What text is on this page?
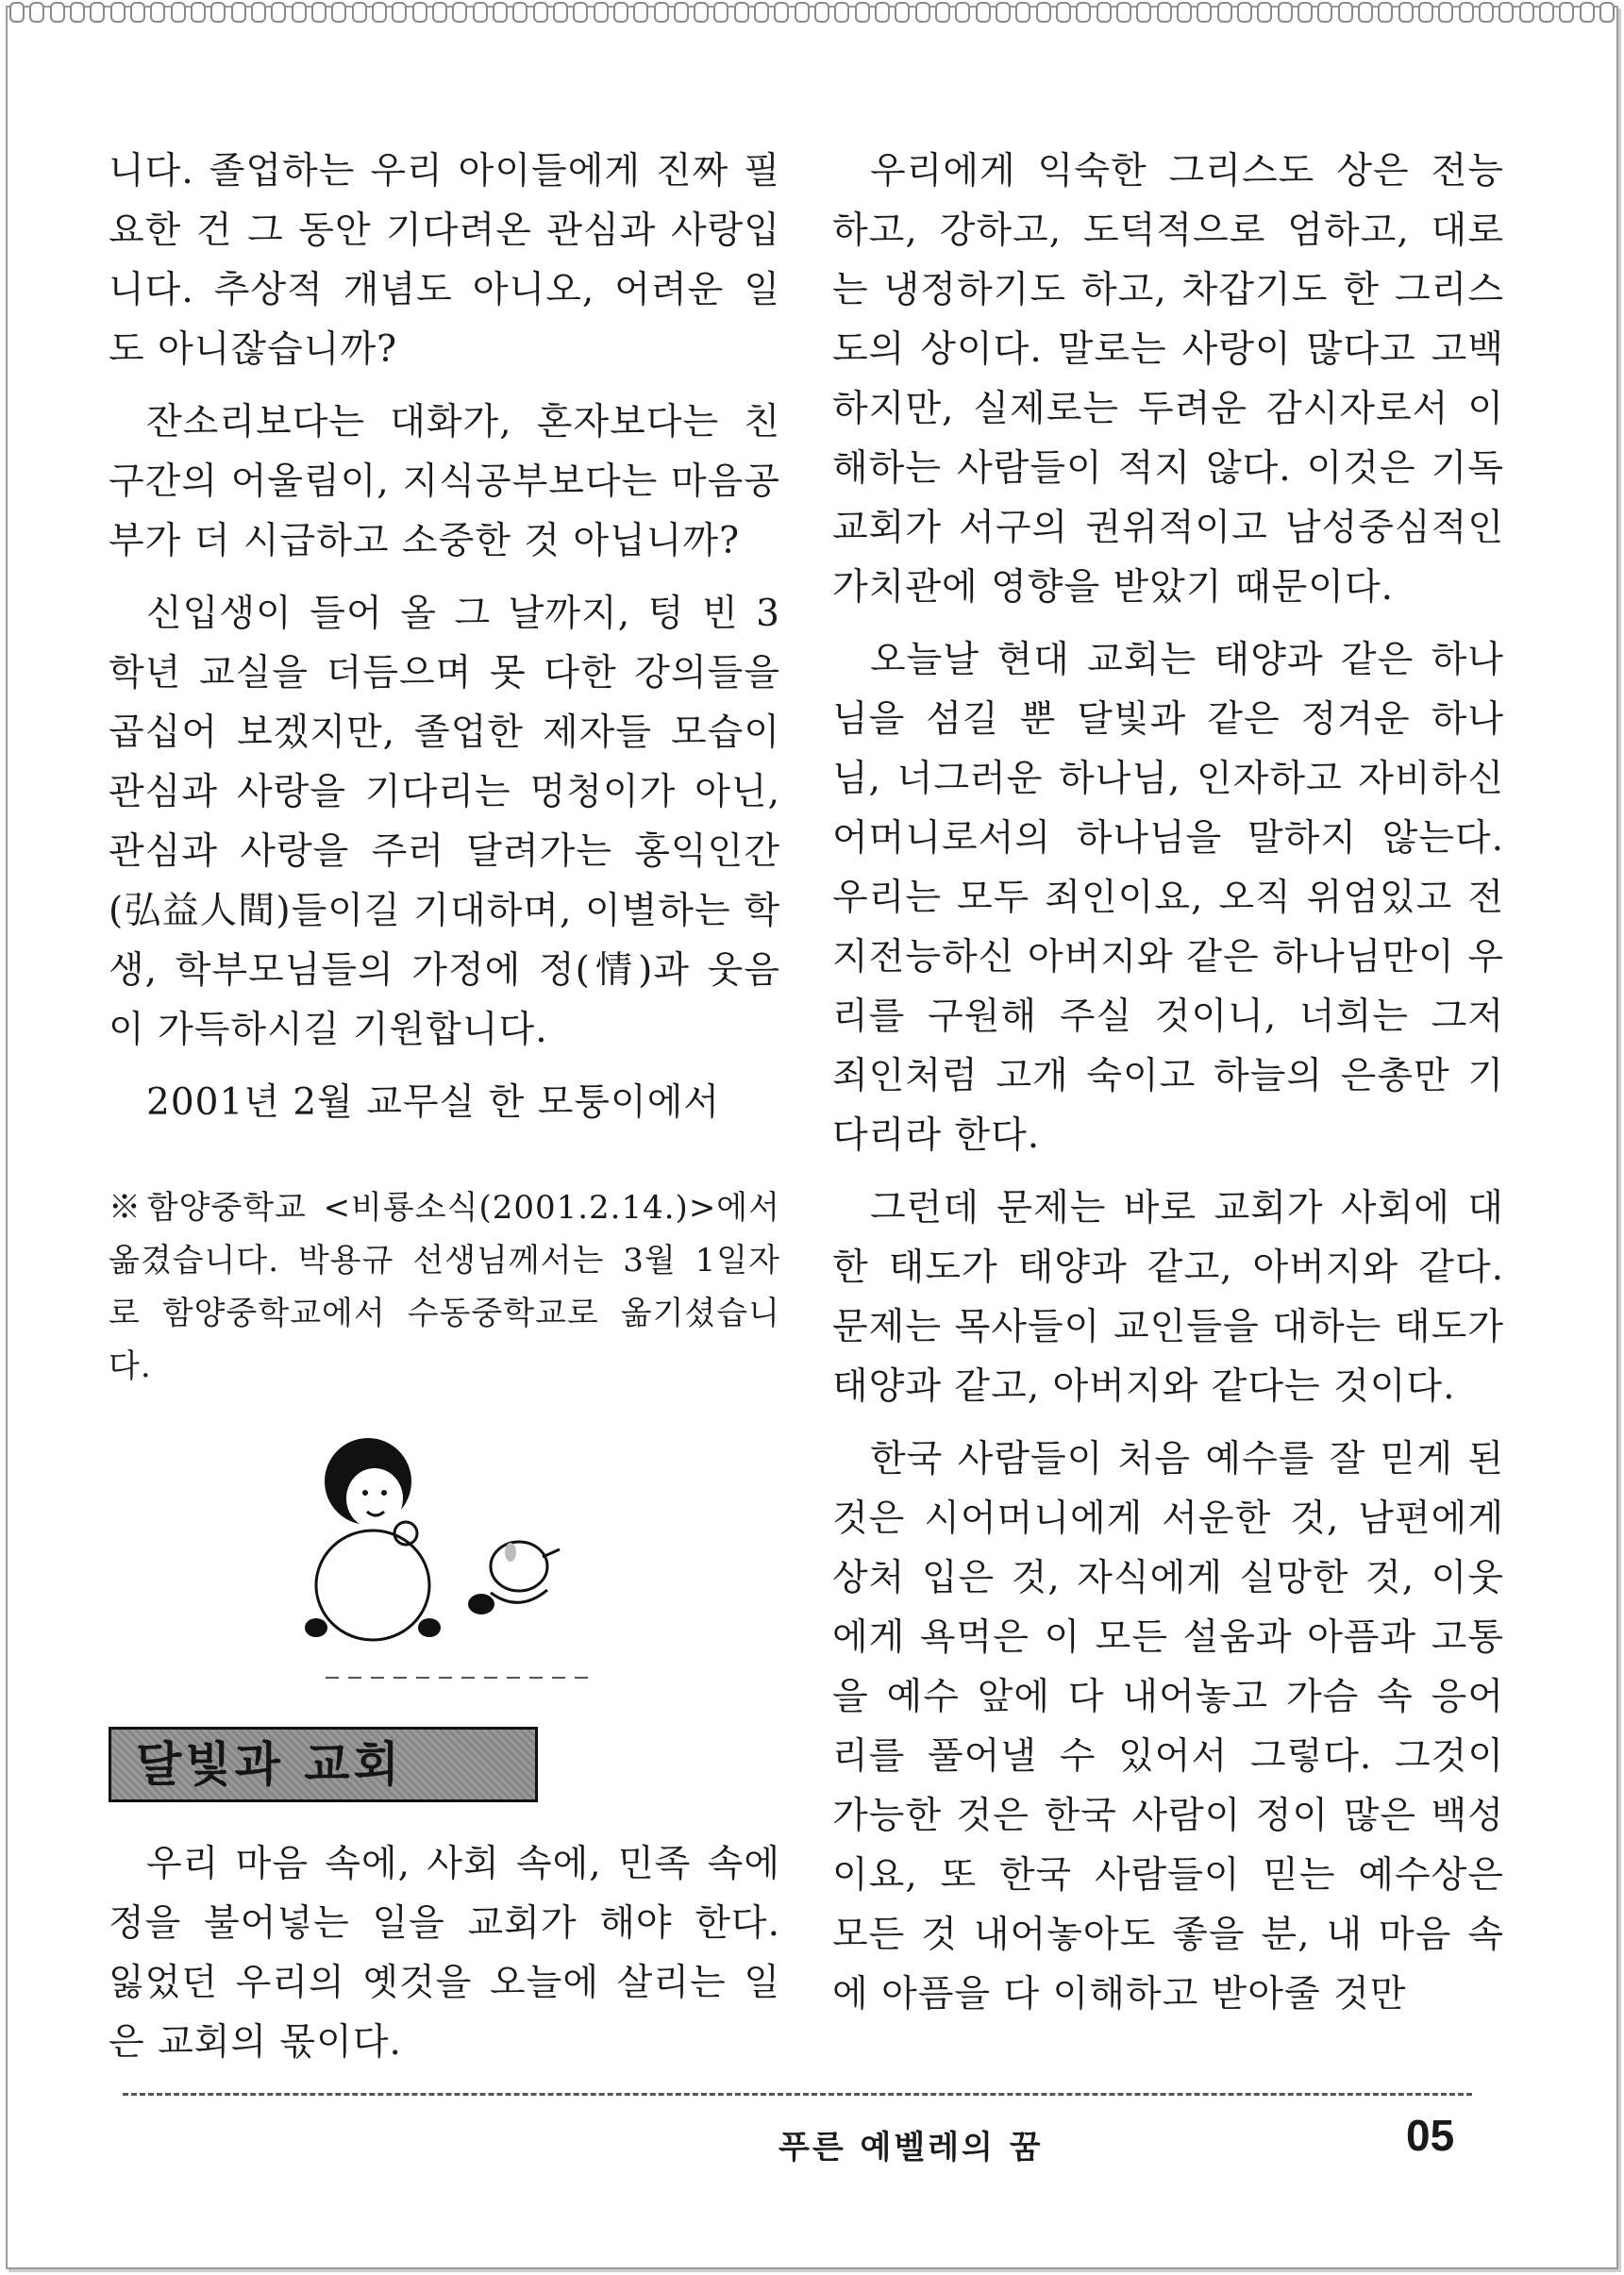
니다. 졸업하는 우리 아이들에게 진짜 필요한 건 그 동안 기다려온 관심과 사랑입니다. 추상적 개념도 아니오, 어려운 일도 아니잖습니까?

잔소리보다는 대화가, 혼자보다는 친구간의 어울림이, 지식공부보다는 마음공부가 더 시급하고 소중한 것 아닙니까?

신입생이 들어 올 그 날까지, 텅 빈 3학년 교실을 더듬으며 못 다한 강의들을 곱십어 보겠지만, 졸업한 제자들 모습이 관심과 사랑을 기다리는 멍청이가 아닌, 관심과 사랑을 주러 달려가는 홍익인간(弘益人間)들이길 기대하며, 이별하는 학생, 학부모님들의 가정에 정(情)과 웃음이 가득하시길 기원합니다.

2001년 2월 교무실 한 모퉁이에서

※함양중학교 <비룡소식(2001.2.14.)>에서 옮겼습니다. 박용규 선생님께서는 3월 1일자로 함양중학교에서 수동중학교로 옮기셨습니다.

달빛과 교회

우리 마음 속에, 사회 속에, 민족 속에 정을 불어넣는 일을 교회가 해야 한다. 잃었던 우리의 옛것을 오늘에 살리는 일은 교회의 몫이다.

우리에게 익숙한 그리스도 상은 전능하고, 강하고, 도덕적으로 엄하고, 대로는 냉정하기도 하고, 차갑기도 한 그리스도의 상이다. 말로는 사랑이 많다고 고백하지만, 실제로는 두려운 감시자로서 이해하는 사람들이 적지 않다. 이것은 기독교회가 서구의 권위적이고 남성중심적인 가치관에 영향을 받았기 때문이다.

오늘날 현대 교회는 태양과 같은 하나님을 섬길 뿐 달빛과 같은 정겨운 하나님, 너그러운 하나님, 인자하고 자비하신 어머니로서의 하나님을 말하지 않는다. 우리는 모두 죄인이요, 오직 위엄있고 전지전능하신 아버지와 같은 하나님만이 우리를 구원해 주실 것이니, 너희는 그저 죄인처럼 고개 숙이고 하늘의 은총만 기다리라 한다.

그런데 문제는 바로 교회가 사회에 대한 태도가 태양과 같고, 아버지와 같다. 문제는 목사들이 교인들을 대하는 태도가 태양과 같고, 아버지와 같다는 것이다.

한국 사람들이 처음 예수를 잘 믿게 된 것은 시어머니에게 서운한 것, 남편에게 상처 입은 것, 자식에게 실망한 것, 이웃에게 욕먹은 이 모든 설움과 아픔과 고통을 예수 앞에 다 내어놓고 가슴 속 응어리를 풀어낼 수 있어서 그렇다. 그것이 가능한 것은 한국 사람이 정이 많은 백성이요, 또 한국 사람들이 믿는 예수상은 모든 것 내어놓아도 좋을 분, 내 마음 속에 아픔을 다 이해하고 받아줄 것만

푸른 예벨레의 꿈	05
